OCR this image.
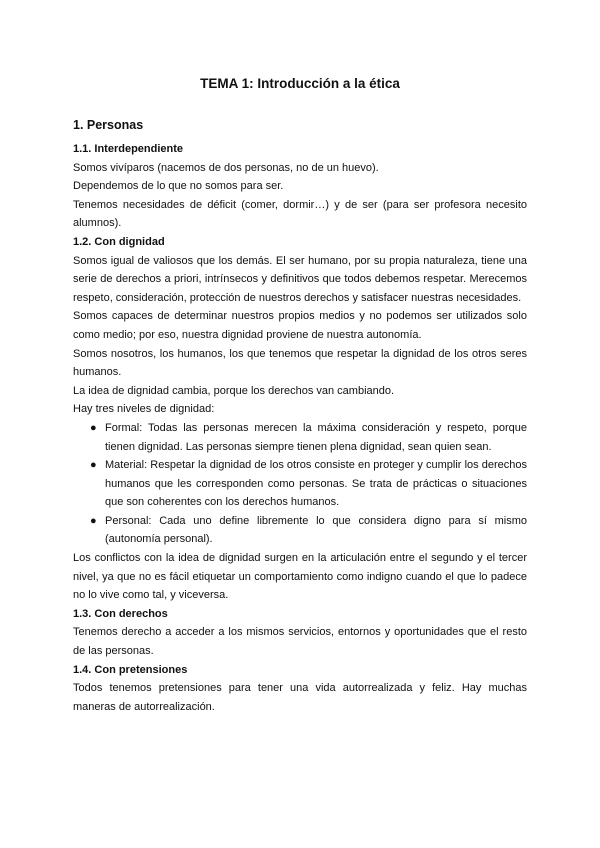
TEMA 1: Introducción a la ética
1. Personas
1.1. Interdependiente

Somos vivíparos (nacemos de dos personas, no de un huevo).

Dependemos de lo que no somos para ser.

Tenemos necesidades de déficit (comer, dormir…) y de ser (para ser profesora necesito alumnos).

1.2. Con dignidad

Somos igual de valiosos que los demás. El ser humano, por su propia naturaleza, tiene una serie de derechos a priori, intrínsecos y definitivos que todos debemos respetar. Merecemos respeto, consideración, protección de nuestros derechos y satisfacer nuestras necesidades.

Somos capaces de determinar nuestros propios medios y no podemos ser utilizados solo como medio; por eso, nuestra dignidad proviene de nuestra autonomía.

Somos nosotros, los humanos, los que tenemos que respetar la dignidad de los otros seres humanos.

La idea de dignidad cambia, porque los derechos van cambiando.

Hay tres niveles de dignidad:

● Formal: Todas las personas merecen la máxima consideración y respeto, porque tienen dignidad. Las personas siempre tienen plena dignidad, sean quien sean.
● Material: Respetar la dignidad de los otros consiste en proteger y cumplir los derechos humanos que les corresponden como personas. Se trata de prácticas o situaciones que son coherentes con los derechos humanos.
● Personal: Cada uno define libremente lo que considera digno para sí mismo (autonomía personal).

Los conflictos con la idea de dignidad surgen en la articulación entre el segundo y el tercer nivel, ya que no es fácil etiquetar un comportamiento como indigno cuando el que lo padece no lo vive como tal, y viceversa.

1.3. Con derechos

Tenemos derecho a acceder a los mismos servicios, entornos y oportunidades que el resto de las personas.

1.4. Con pretensiones

Todos tenemos pretensiones para tener una vida autorrealizada y feliz. Hay muchas maneras de autorrealización.
